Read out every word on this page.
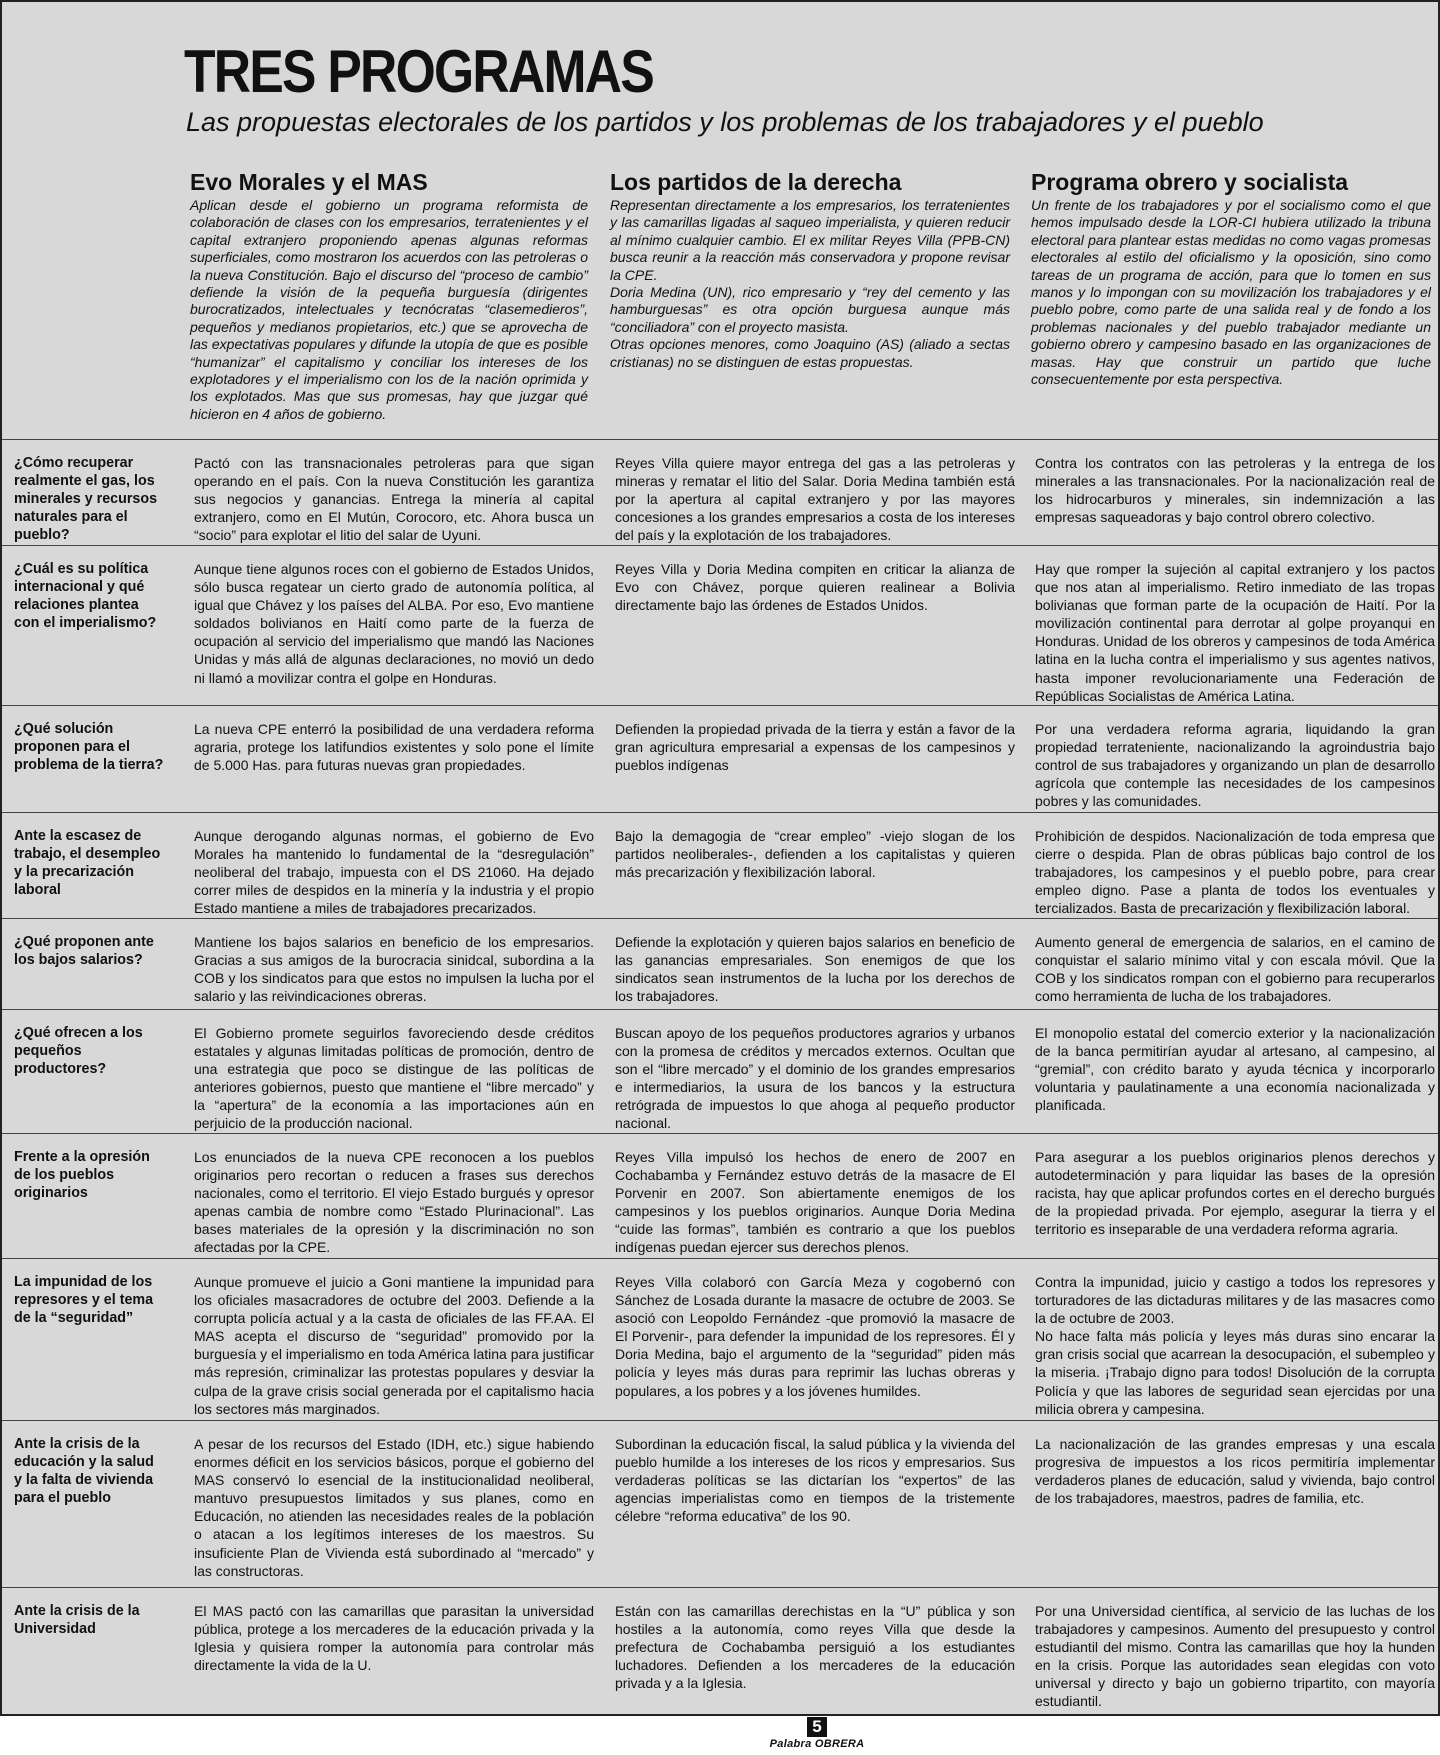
TRES PROGRAMAS
Las propuestas electorales de los partidos y los problemas de los trabajadores y el pueblo
Evo Morales y el MAS	Los partidos de la derecha	Programa obrero y socialista

Aplican desde el gobierno un programa reformista de colaboración de clases con los empresarios, terratenientes y el capital extranjero proponiendo apenas algunas reformas superficiales, como mostraron los acuerdos con las petroleras o la nueva Constitución. Bajo el discurso del “proceso de cambio” defiende la visión de la pequeña burguesía (dirigentes burocratizados, intelectuales y tecnócratas “clasemedieros”, pequeños y medianos propietarios, etc.) que se aprovecha de las expectativas populares y difunde la utopía de que es posible “humanizar” el capitalismo y conciliar los intereses de los explotadores y el imperialismo con los de la nación oprimida y los explotados. Mas que sus promesas, hay que juzgar qué hicieron en 4 años de gobierno.

Representan directamente a los empresarios, los terratenientes y las camarillas ligadas al saqueo imperialista, y quieren reducir al mínimo cualquier cambio. El ex militar Reyes Villa (PPB-CN) busca reunir a la reacción más conservadora y propone revisar la CPE.

Doria Medina (UN), rico empresario y “rey del cemento y las hamburguesas” es otra opción burguesa aunque más “conciliadora” con el proyecto masista.

Otras opciones menores, como Joaquino (AS) (aliado a sectas cristianas) no se distinguen de estas propuestas.

Un frente de los trabajadores y por el socialismo como el que hemos impulsado desde la LOR-CI hubiera utilizado la tribuna electoral para plantear estas medidas no como vagas promesas electorales al estilo del oficialismo y la oposición, sino como tareas de un programa de acción, para que lo tomen en sus manos y lo impongan con su movilización los trabajadores y el pueblo pobre, como parte de una salida real y de fondo a los problemas nacionales y del pueblo trabajador mediante un gobierno obrero y campesino basado en las organizaciones de masas. Hay que construir un partido que luche consecuentemente por esta perspectiva.

¿Cómo recuperar realmente el gas, los minerales y recursos naturales para el pueblo?
Pactó con las transnacionales petroleras para que sigan operando en el país. Con la nueva Constitución les garantiza sus negocios y ganancias. Entrega la minería al capital extranjero, como en El Mutún, Corocoro, etc. Ahora busca un “socio” para explotar el litio del salar de Uyuni.
Reyes Villa quiere mayor entrega del gas a las petroleras y mineras y rematar el litio del Salar. Doria Medina también está por la apertura al capital extranjero y por las mayores concesiones a los grandes empresarios a costa de los intereses del país y la explotación de los trabajadores.
Contra los contratos con las petroleras y la entrega de los minerales a las transnacionales. Por la nacionalización real de los hidrocarburos y minerales, sin indemnización a las empresas saqueadoras y bajo control obrero colectivo.
¿Cuál es su política internacional y qué relaciones plantea con el imperialismo?
Aunque tiene algunos roces con el gobierno de Estados Unidos, sólo busca regatear un cierto grado de autonomía política, al igual que Chávez y los países del ALBA. Por eso, Evo mantiene soldados bolivianos en Haití como parte de la fuerza de ocupación al servicio del imperialismo que mandó las Naciones Unidas y más allá de algunas declaraciones, no movió un dedo ni llamó a movilizar contra el golpe en Honduras.
Reyes Villa y Doria Medina compiten en criticar la alianza de Evo con Chávez, porque quieren realinear a Bolivia directamente bajo las órdenes de Estados Unidos.
Hay que romper la sujeción al capital extranjero y los pactos que nos atan al imperialismo. Retiro inmediato de las tropas bolivianas que forman parte de la ocupación de Haití. Por la movilización continental para derrotar al golpe proyanqui en Honduras. Unidad de los obreros y campesinos de toda América latina en la lucha contra el imperialismo y sus agentes nativos, hasta imponer revolucionariamente una Federación de Repúblicas Socialistas de América Latina.
¿Qué solución proponen para el problema de la tierra?
La nueva CPE enterró la posibilidad de una verdadera reforma agraria, protege los latifundios existentes y solo pone el límite de 5.000 Has. para futuras nuevas gran propiedades.
Defienden la propiedad privada de la tierra y están a favor de la gran agricultura empresarial a expensas de los campesinos y pueblos indígenas
Por una verdadera reforma agraria, liquidando la gran propiedad terrateniente, nacionalizando la agroindustria bajo control de sus trabajadores y organizando un plan de desarrollo agrícola que contemple las necesidades de los campesinos pobres y las comunidades.
Ante la escasez de trabajo, el desempleo y la precarización laboral
Aunque derogando algunas normas, el gobierno de Evo Morales ha mantenido lo fundamental de la “desregulación” neoliberal del trabajo, impuesta con el DS 21060. Ha dejado correr miles de despidos en la minería y la industria y el propio Estado mantiene a miles de trabajadores precarizados.
Bajo la demagogia de “crear empleo” -viejo slogan de los partidos neoliberales-, defienden a los capitalistas y quieren más precarización y flexibilización laboral.
Prohibición de despidos. Nacionalización de toda empresa que cierre o despida. Plan de obras públicas bajo control de los trabajadores, los campesinos y el pueblo pobre, para crear empleo digno. Pase a planta de todos los eventuales y tercializados. Basta de precarización y flexibilización laboral.
¿Qué proponen ante los bajos salarios?
Mantiene los bajos salarios en beneficio de los empresarios. Gracias a sus amigos de la burocracia sinidcal, subordina a la COB y los sindicatos para que estos no impulsen la lucha por el salario y las reivindicaciones obreras.
Defiende la explotación y quieren bajos salarios en beneficio de las ganancias empresariales. Son enemigos de que los sindicatos sean instrumentos de la lucha por los derechos de los trabajadores.
Aumento general de emergencia de salarios, en el camino de conquistar el salario mínimo vital y con escala móvil. Que la COB y los sindicatos rompan con el gobierno para recuperarlos como herramienta de lucha de los trabajadores.
¿Qué ofrecen a los pequeños productores?
El Gobierno promete seguirlos favoreciendo desde créditos estatales y algunas limitadas políticas de promoción, dentro de una estrategia que poco se distingue de las políticas de anteriores gobiernos, puesto que mantiene el “libre mercado” y la “apertura” de la economía a las importaciones aún en perjuicio de la producción nacional.
Buscan apoyo de los pequeños productores agrarios y urbanos con la promesa de créditos y mercados externos. Ocultan que son el “libre mercado” y el dominio de los grandes empresarios e intermediarios, la usura de los bancos y la estructura retrógrada de impuestos lo que ahoga al pequeño productor nacional.
El monopolio estatal del comercio exterior y la nacionalización de la banca permitirían ayudar al artesano, al campesino, al “gremial”, con crédito barato y ayuda técnica y incorporarlo voluntaria y paulatinamente a una economía nacionalizada y planificada.
Frente a la opresión de los pueblos originarios
Los enunciados de la nueva CPE reconocen a los pueblos originarios pero recortan o reducen a frases sus derechos nacionales, como el territorio. El viejo Estado burgués y opresor apenas cambia de nombre como “Estado Plurinacional”. Las bases materiales de la opresión y la discriminación no son afectadas por la CPE.
Reyes Villa impulsó los hechos de enero de 2007 en Cochabamba y Fernández estuvo detrás de la masacre de El Porvenir en 2007. Son abiertamente enemigos de los campesinos y los pueblos originarios. Aunque Doria Medina “cuide las formas”, también es contrario a que los pueblos indígenas puedan ejercer sus derechos plenos.
Para asegurar a los pueblos originarios plenos derechos y autodeterminación y para liquidar las bases de la opresión racista, hay que aplicar profundos cortes en el derecho burgués de la propiedad privada. Por ejemplo, asegurar la tierra y el territorio es inseparable de una verdadera reforma agraria.
La impunidad de los represores y el tema de la “seguridad”
Aunque promueve el juicio a Goni mantiene la impunidad para los oficiales masacradores de octubre del 2003. Defiende a la corrupta policía actual y a la casta de oficiales de las FF.AA. El MAS acepta el discurso de “seguridad” promovido por la burguesía y el imperialismo en toda América latina para justificar más represión, criminalizar las protestas populares y desviar la culpa de la grave crisis social generada por el capitalismo hacia los sectores más marginados.
Reyes Villa colaboró con García Meza y cogobernó con Sánchez de Losada durante la masacre de octubre de 2003. Se asoció con Leopoldo Fernández -que promovió la masacre de El Porvenir-, para defender la impunidad de los represores. Él y Doria Medina, bajo el argumento de la “seguridad” piden más policía y leyes más duras para reprimir las luchas obreras y populares, a los pobres y a los jóvenes humildes.
Contra la impunidad, juicio y castigo a todos los represores y torturadores de las dictaduras militares y de las masacres como la de octubre de 2003.
No hace falta más policía y leyes más duras sino encarar la gran crisis social que acarrean la desocupación, el subempleo y la miseria. ¡Trabajo digno para todos! Disolución de la corrupta Policía y que las labores de seguridad sean ejercidas por una milicia obrera y campesina.
Ante la crisis de la educación y la salud y la falta de vivienda para el pueblo
A pesar de los recursos del Estado (IDH, etc.) sigue habiendo enormes déficit en los servicios básicos, porque el gobierno del MAS conservó lo esencial de la institucionalidad neoliberal, mantuvo presupuestos limitados y sus planes, como en Educación, no atienden las necesidades reales de la población o atacan a los legítimos intereses de los maestros. Su insuficiente Plan de Vivienda está subordinado al “mercado” y las constructoras.
Subordinan la educación fiscal, la salud pública y la vivienda del pueblo humilde a los intereses de los ricos y empresarios. Sus verdaderas políticas se las dictarían los “expertos” de las agencias imperialistas como en tiempos de la tristemente célebre “reforma educativa” de los 90.
La nacionalización de las grandes empresas y una escala progresiva de impuestos a los ricos permitiría implementar verdaderos planes de educación, salud y vivienda, bajo control de los trabajadores, maestros, padres de familia, etc.
Ante la crisis de la Universidad
El MAS pactó con las camarillas que parasitan la universidad pública, protege a los mercaderes de la educación privada y la Iglesia y quisiera romper la autonomía para controlar más directamente la vida de la U.
Están con las camarillas derechistas en la “U” pública y son hostiles a la autonomía, como reyes Villa que desde la prefectura de Cochabamba persiguió a los estudiantes luchadores. Defienden a los mercaderes de la educación privada y a la Iglesia.
Por una Universidad científica, al servicio de las luchas de los trabajadores y campesinos. Aumento del presupuesto y control estudiantil del mismo. Contra las camarillas que hoy la hunden en la crisis. Porque las autoridades sean elegidas con voto universal y directo y bajo un gobierno tripartito, con mayoría estudiantil.
5
Palabra OBRERA
